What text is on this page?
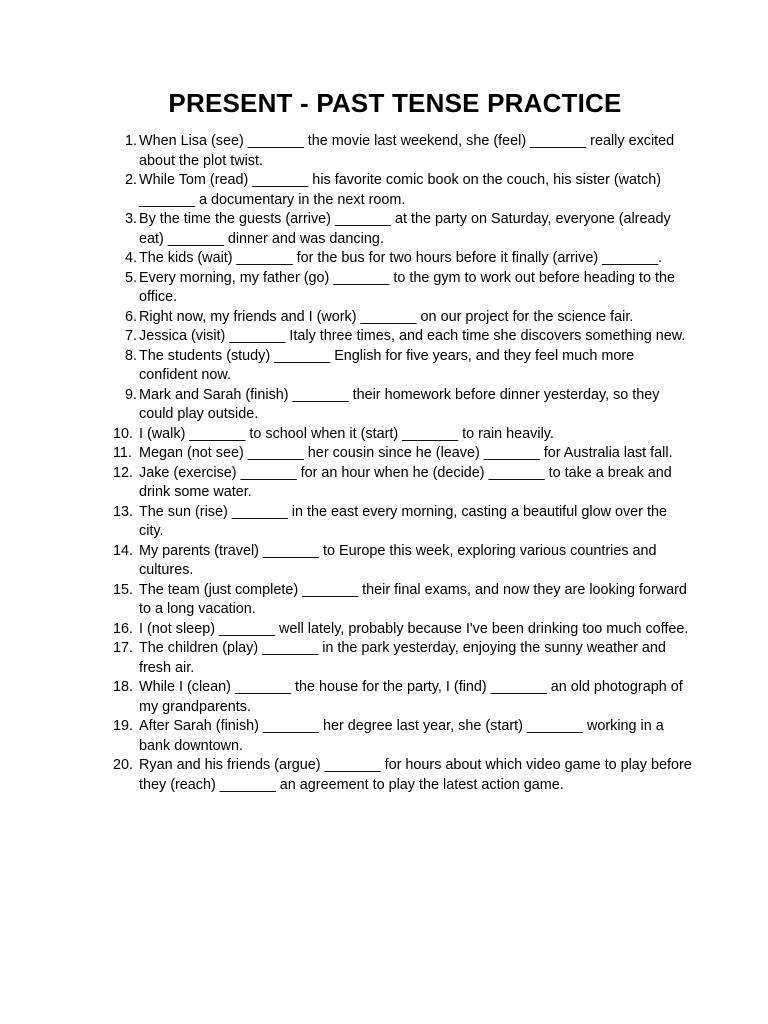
PRESENT - PAST TENSE PRACTICE
1. When Lisa (see) _______ the movie last weekend, she (feel) _______ really excited about the plot twist.
2. While Tom (read) _______ his favorite comic book on the couch, his sister (watch) _______ a documentary in the next room.
3. By the time the guests (arrive) _______ at the party on Saturday, everyone (already eat) _______ dinner and was dancing.
4. The kids (wait) _______ for the bus for two hours before it finally (arrive) _______.
5. Every morning, my father (go) _______ to the gym to work out before heading to the office.
6. Right now, my friends and I (work) _______ on our project for the science fair.
7. Jessica (visit) _______ Italy three times, and each time she discovers something new.
8. The students (study) _______ English for five years, and they feel much more confident now.
9. Mark and Sarah (finish) _______ their homework before dinner yesterday, so they could play outside.
10. I (walk) _______ to school when it (start) _______ to rain heavily.
11. Megan (not see) _______ her cousin since he (leave) _______ for Australia last fall.
12. Jake (exercise) _______ for an hour when he (decide) _______ to take a break and drink some water.
13. The sun (rise) _______ in the east every morning, casting a beautiful glow over the city.
14. My parents (travel) _______ to Europe this week, exploring various countries and cultures.
15. The team (just complete) _______ their final exams, and now they are looking forward to a long vacation.
16. I (not sleep) _______ well lately, probably because I've been drinking too much coffee.
17. The children (play) _______ in the park yesterday, enjoying the sunny weather and fresh air.
18. While I (clean) _______ the house for the party, I (find) _______ an old photograph of my grandparents.
19. After Sarah (finish) _______ her degree last year, she (start) _______ working in a bank downtown.
20. Ryan and his friends (argue) _______ for hours about which video game to play before they (reach) _______ an agreement to play the latest action game.
